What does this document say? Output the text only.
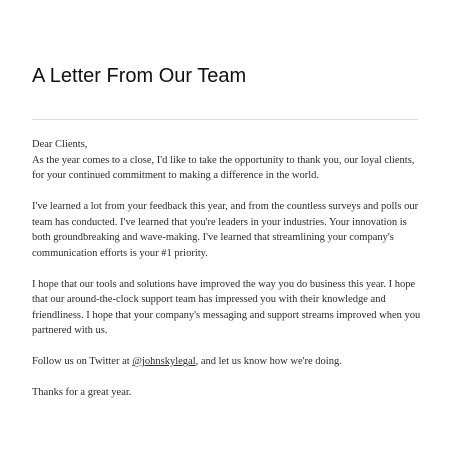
A Letter From Our Team

Dear Clients,
As the year comes to a close, I'd like to take the opportunity to thank you, our loyal clients,
for your continued commitment to making a difference in the world.

I've learned a lot from your feedback this year, and from the countless surveys and polls our
team has conducted. I've learned that you're leaders in your industries. Your innovation is
both groundbreaking and wave-making. I've learned that streamlining your company's
communication efforts is your #1 priority.

I hope that our tools and solutions have improved the way you do business this year. I hope
that our around-the-clock support team has impressed you with their knowledge and
friendliness. I hope that your company's messaging and support streams improved when you
partnered with us.

Follow us on Twitter at @johnskylegal, and let us know how we're doing.

Thanks for a great year.
